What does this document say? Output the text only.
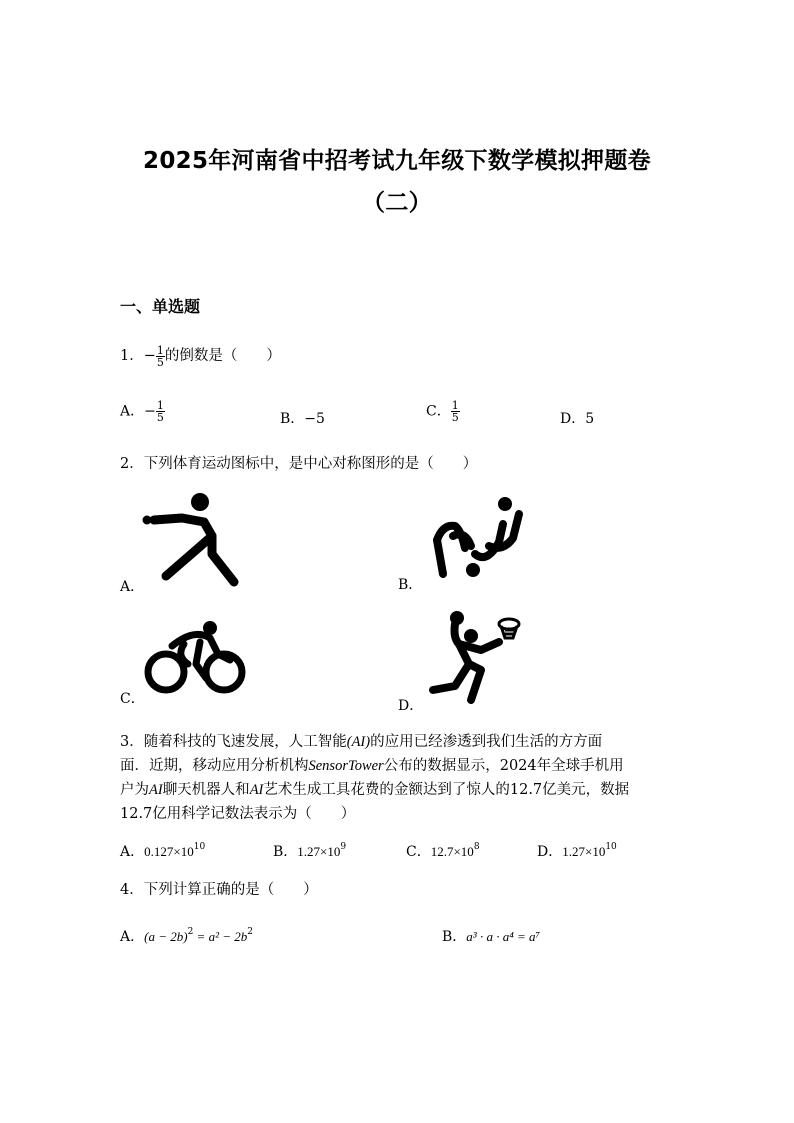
2025年河南省中招考试九年级下数学模拟押题卷
（二）
一、单选题
1．− $\frac{1}{5}$ 的倒数是（　　）
A．− $\frac{1}{5}$	B．−5	C． $\frac{1}{5}$	D．5
2．下列体育运动图标中，是中心对称图形的是（　　）
A．	B．
C．	D．
3．随着科技的飞速发展，人工智能(AI)的应用已经渗透到我们生活的方方面
面．近期，移动应用分析机构SensorTower公布的数据显示，2024年全球手机用
户为AI聊天机器人和AI艺术生成工具花费的金额达到了惊人的12.7亿美元，数据
12.7亿用科学记数法表示为（　　）
A．$0.127\times 10^{10}$	B．$1.27\times 10^9$	C．$12.7\times 10^8$	D．$1.27\times 10^{10}$
4．下列计算正确的是（　　）
A．$(a - 2b)^2 = a^2 - 2b^2$	B．a³ · a · a⁴ = a⁷
